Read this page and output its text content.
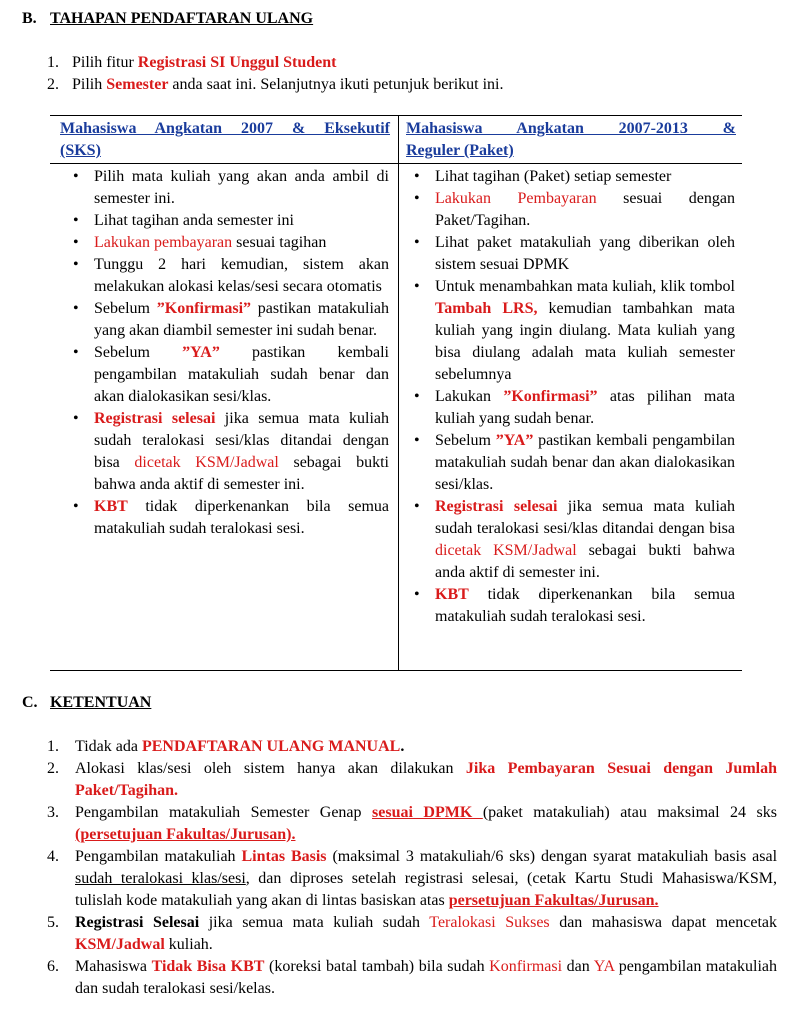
B. TAHAPAN PENDAFTARAN ULANG
1. Pilih fitur Registrasi SI Unggul Student
2. Pilih Semester anda saat ini. Selanjutnya ikuti petunjuk berikut ini.
Mahasiswa Angkatan 2007 & Eksekutif
(SKS)
Mahasiswa Angkatan 2007-2013 &
Reguler (Paket)
• Pilih mata kuliah yang akan anda ambil di semester ini.
• Lihat tagihan anda semester ini
• Lakukan pembayaran sesuai tagihan
• Tunggu 2 hari kemudian, sistem akan melakukan alokasi kelas/sesi secara otomatis
• Sebelum ”Konfirmasi” pastikan matakuliah yang akan diambil semester ini sudah benar.
• Sebelum ”YA” pastikan kembali pengambilan matakuliah sudah benar dan akan dialokasikan sesi/klas.
• Registrasi selesai jika semua mata kuliah sudah teralokasi sesi/klas ditandai dengan bisa dicetak KSM/Jadwal sebagai bukti bahwa anda aktif di semester ini.
• KBT tidak diperkenankan bila semua matakuliah sudah teralokasi sesi.
• Lihat tagihan (Paket) setiap semester
• Lakukan Pembayaran sesuai dengan Paket/Tagihan.
• Lihat paket matakuliah yang diberikan oleh sistem sesuai DPMK
• Untuk menambahkan mata kuliah, klik tombol Tambah LRS, kemudian tambahkan mata kuliah yang ingin diulang. Mata kuliah yang bisa diulang adalah mata kuliah semester sebelumnya
• Lakukan ”Konfirmasi” atas pilihan mata kuliah yang sudah benar.
• Sebelum ”YA” pastikan kembali pengambilan matakuliah sudah benar dan akan dialokasikan sesi/klas.
• Registrasi selesai jika semua mata kuliah sudah teralokasi sesi/klas ditandai dengan bisa dicetak KSM/Jadwal sebagai bukti bahwa anda aktif di semester ini.
• KBT tidak diperkenankan bila semua matakuliah sudah teralokasi sesi.
C. KETENTUAN
1. Tidak ada PENDAFTARAN ULANG MANUAL.
2. Alokasi klas/sesi oleh sistem hanya akan dilakukan Jika Pembayaran Sesuai dengan Jumlah Paket/Tagihan.
3. Pengambilan matakuliah Semester Genap sesuai DPMK (paket matakuliah) atau maksimal 24 sks (persetujuan Fakultas/Jurusan).
4. Pengambilan matakuliah Lintas Basis (maksimal 3 matakuliah/6 sks) dengan syarat matakuliah basis asal sudah teralokasi klas/sesi, dan diproses setelah registrasi selesai, (cetak Kartu Studi Mahasiswa/KSM, tulislah kode matakuliah yang akan di lintas basiskan atas persetujuan Fakultas/Jurusan.
5. Registrasi Selesai jika semua mata kuliah sudah Teralokasi Sukses dan mahasiswa dapat mencetak KSM/Jadwal kuliah.
6. Mahasiswa Tidak Bisa KBT (koreksi batal tambah) bila sudah Konfirmasi dan YA pengambilan matakuliah dan sudah teralokasi sesi/kelas.
